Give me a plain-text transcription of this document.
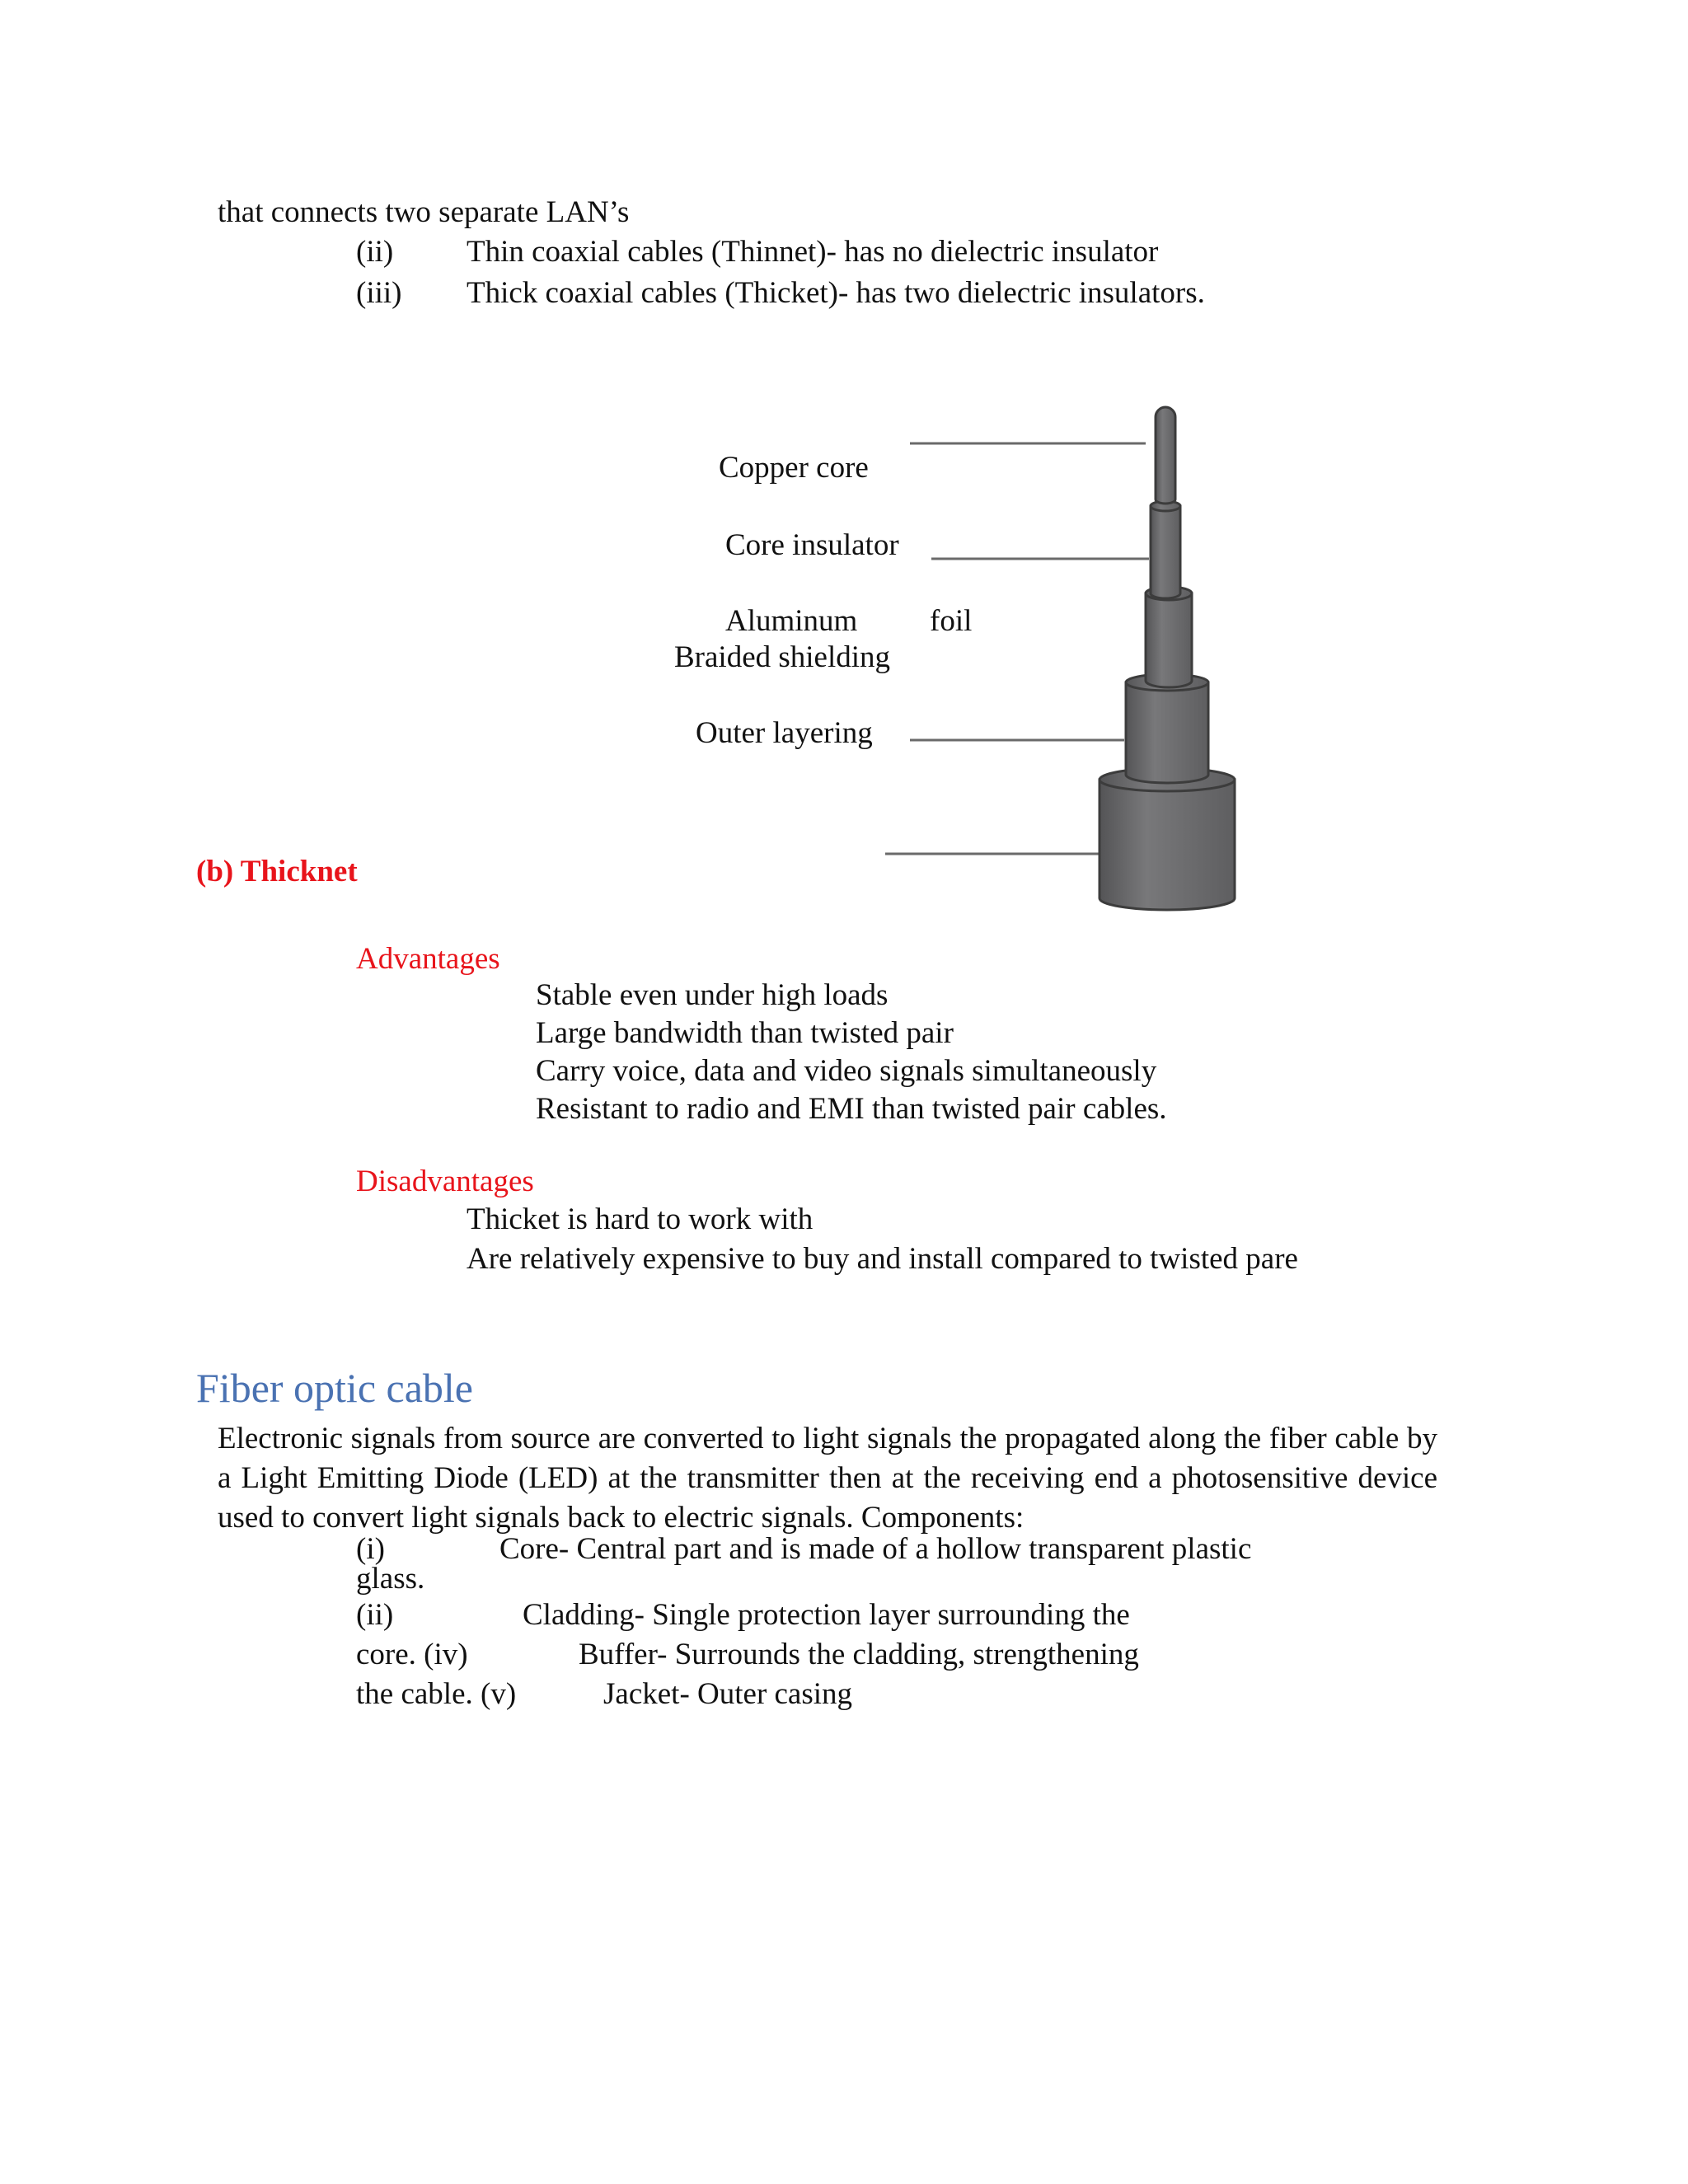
that connects two separate LAN’s
(ii) Thin coaxial cables (Thinnet)- has no dielectric insulator
(iii) Thick coaxial cables (Thicket)- has two dielectric insulators.
Copper core
Core insulator
Aluminum foil
Braided shielding
Outer layering
(b) Thicknet
Advantages
Stable even under high loads
Large bandwidth than twisted pair
Carry voice, data and video signals simultaneously
Resistant to radio and EMI than twisted pair cables.
Disadvantages
Thicket is hard to work with
Are relatively expensive to buy and install compared to twisted pare
Fiber optic cable
Electronic signals from source are converted to light signals the propagated along the fiber cable by a Light Emitting Diode (LED) at the transmitter then at the receiving end a photosensitive device used to convert light signals back to electric signals. Components:
(i)	Core- Central part and is made of a hollow transparent plastic
glass.
(ii)	Cladding- Single protection layer surrounding the
core. (iv)	Buffer- Surrounds the cladding, strengthening
the cable. (v)	Jacket- Outer casing
